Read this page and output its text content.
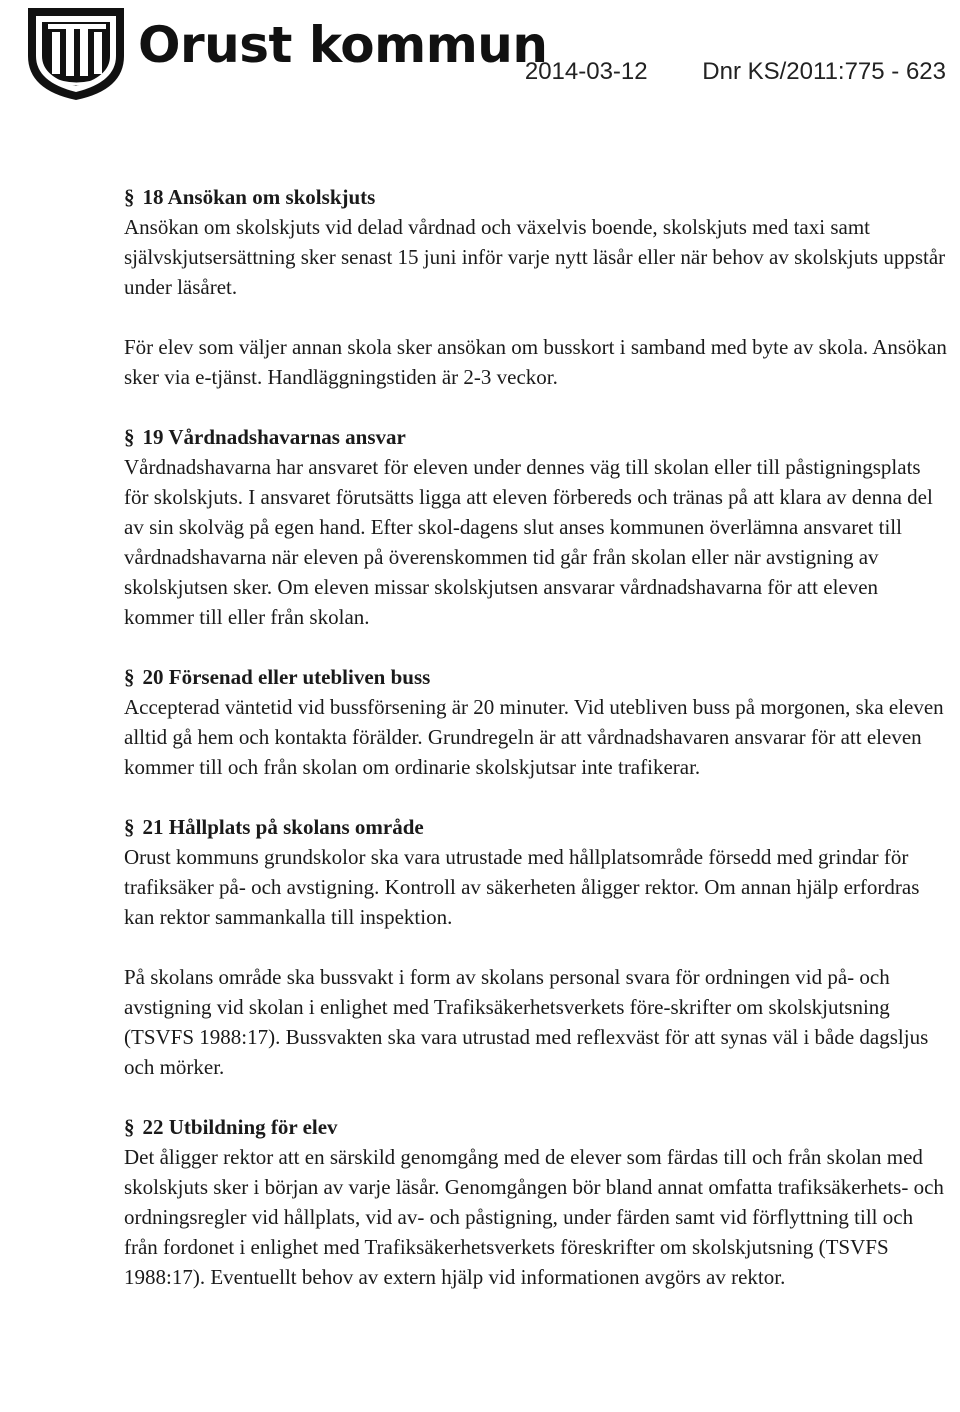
Orust kommun
2014-03-12 Dnr KS/2011:775 - 623

§ 18 Ansökan om skolskjuts

Ansökan om skolskjuts vid delad vårdnad och växelvis boende, skolskjuts med taxi samt självskjutsersättning sker senast 15 juni inför varje nytt läsår eller när behov av skolskjuts uppstår under läsåret.

För elev som väljer annan skola sker ansökan om busskort i samband med byte av skola. Ansökan sker via e-tjänst. Handläggningstiden är 2-3 veckor.

§ 19 Vårdnadshavarnas ansvar

Vårdnadshavarna har ansvaret för eleven under dennes väg till skolan eller till påstigningsplats för skolskjuts. I ansvaret förutsätts ligga att eleven förbereds och tränas på att klara av denna del av sin skolväg på egen hand. Efter skol-dagens slut anses kommunen överlämna ansvaret till vårdnadshavarna när eleven på överenskommen tid går från skolan eller när avstigning av skolskjutsen sker. Om eleven missar skolskjutsen ansvarar vårdnadshavarna för att eleven kommer till eller från skolan.

§ 20 Försenad eller utebliven buss

Accepterad väntetid vid bussförsening är 20 minuter. Vid utebliven buss på morgonen, ska eleven alltid gå hem och kontakta förälder. Grundregeln är att vårdnadshavaren ansvarar för att eleven kommer till och från skolan om ordinarie skolskjutsar inte trafikerar.

§ 21 Hållplats på skolans område

Orust kommuns grundskolor ska vara utrustade med hållplatsområde försedd med grindar för trafiksäker på- och avstigning. Kontroll av säkerheten åligger rektor. Om annan hjälp erfordras kan rektor sammankalla till inspektion.

På skolans område ska bussvakt i form av skolans personal svara för ordningen vid på- och avstigning vid skolan i enlighet med Trafiksäkerhetsverkets före-skrifter om skolskjutsning (TSVFS 1988:17). Bussvakten ska vara utrustad med reflexväst för att synas väl i både dagsljus och mörker.

§ 22 Utbildning för elev

Det åligger rektor att en särskild genomgång med de elever som färdas till och från skolan med skolskjuts sker i början av varje läsår. Genomgången bör bland annat omfatta trafiksäkerhets- och ordningsregler vid hållplats, vid av- och påstigning, under färden samt vid förflyttning till och från fordonet i enlighet med Trafiksäkerhetsverkets föreskrifter om skolskjutsning (TSVFS 1988:17). Eventuellt behov av extern hjälp vid informationen avgörs av rektor.
